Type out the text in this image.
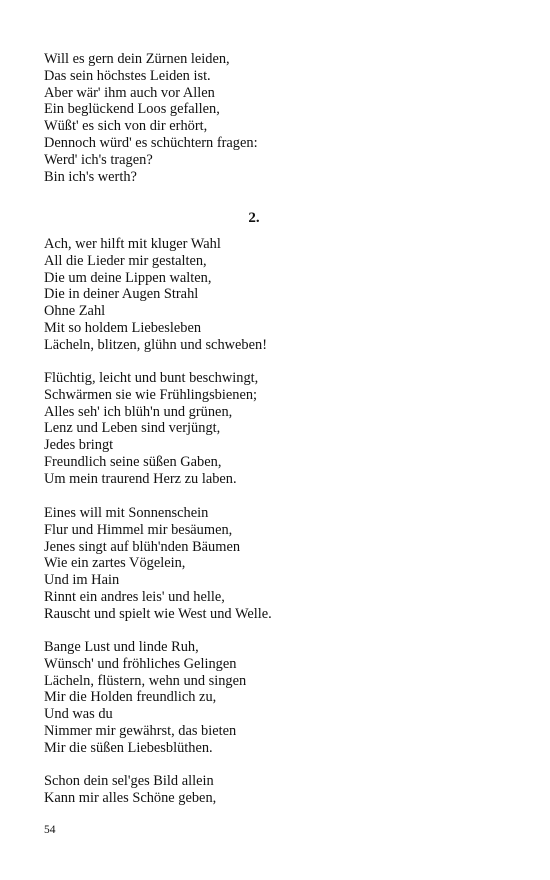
Will es gern dein Zürnen leiden,
Das sein höchstes Leiden ist.
Aber wär' ihm auch vor Allen
Ein beglückend Loos gefallen,
Wüßt' es sich von dir erhört,
Dennoch würd' es schüchtern fragen:
Werd' ich's tragen?
Bin ich's werth?
2.
Ach, wer hilft mit kluger Wahl
All die Lieder mir gestalten,
Die um deine Lippen walten,
Die in deiner Augen Strahl
Ohne Zahl
Mit so holdem Liebesleben
Lächeln, blitzen, glühn und schweben!
Flüchtig, leicht und bunt beschwingt,
Schwärmen sie wie Frühlingsbienen;
Alles seh' ich blüh'n und grünen,
Lenz und Leben sind verjüngt,
Jedes bringt
Freundlich seine süßen Gaben,
Um mein traurend Herz zu laben.
Eines will mit Sonnenschein
Flur und Himmel mir besäumen,
Jenes singt auf blüh'nden Bäumen
Wie ein zartes Vögelein,
Und im Hain
Rinnt ein andres leis' und helle,
Rauscht und spielt wie West und Welle.
Bange Lust und linde Ruh,
Wünsch' und fröhliches Gelingen
Lächeln, flüstern, wehn und singen
Mir die Holden freundlich zu,
Und was du
Nimmer mir gewährst, das bieten
Mir die süßen Liebesblüthen.
Schon dein sel'ges Bild allein
Kann mir alles Schöne geben,
54
